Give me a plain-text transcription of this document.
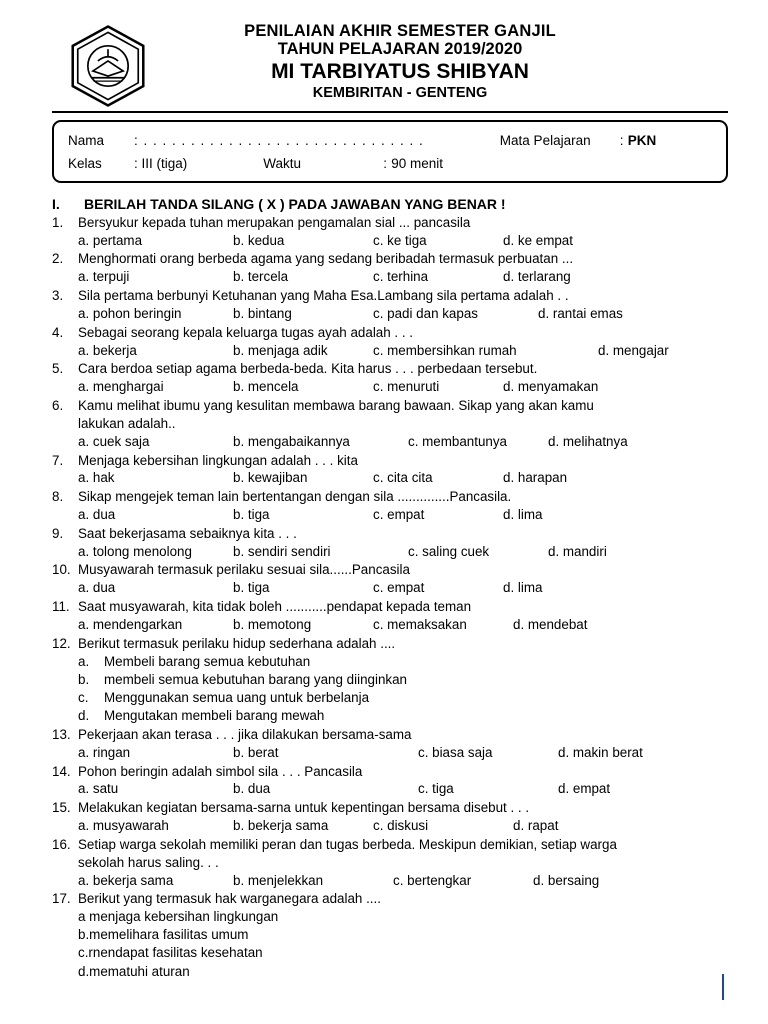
PENILAIAN AKHIR SEMESTER GANJIL
TAHUN PELAJARAN 2019/2020
MI TARBIYATUS SHIBYAN
KEMBIRITAN - GENTENG
Nama	: . . . . . . . . . . . . . . . . . . . . . . . . . . . . . .	Mata Pelajaran	: PKN
Kelas	: III (tiga)	Waktu	: 90 menit
I.	BERILAH TANDA SILANG ( X ) PADA JAWABAN YANG BENAR !
1.	Bersyukur kepada tuhan merupakan pengamalan sial ... pancasila
a. pertama	b. kedua	c. ke tiga	d. ke empat
2.	Menghormati orang berbeda agama yang sedang beribadah termasuk perbuatan ...
a. terpuji	b. tercela	c. terhina	d. terlarang
3.	Sila pertama berbunyi Ketuhanan yang Maha Esa.Lambang sila pertama adalah . .
a. pohon beringin	b. bintang	c. padi dan kapas	d. rantai emas
4.	Sebagai seorang kepala keluarga tugas ayah adalah . . .
a. bekerja	b. menjaga adik	c. membersihkan rumah	d. mengajar
5.	Cara berdoa setiap agama berbeda-beda. Kita harus . . . perbedaan tersebut.
a. menghargai	b. mencela	c. menuruti	d. menyamakan
6.	Kamu melihat ibumu yang kesulitan membawa barang bawaan. Sikap yang akan kamu
lakukan adalah..
a. cuek saja	b. mengabaikannya	c. membantunya	d. melihatnya
7.	Menjaga kebersihan lingkungan adalah . . . kita
a. hak	b. kewajiban	c. cita cita	d. harapan
8.	Sikap mengejek teman lain bertentangan dengan sila ..............Pancasila.
a. dua	b. tiga	c. empat	d. lima
9.	Saat bekerjasama sebaiknya kita . . .
a. tolong menolong	b. sendiri sendiri	c. saling cuek	d. mandiri
10. Musyawarah termasuk perilaku sesuai sila......Pancasila
a. dua	b. tiga	c. empat	d. lima
11. Saat musyawarah, kita tidak boleh ...........pendapat kepada teman
a. mendengarkan	b. memotong	c. memaksakan	d. mendebat
12. Berikut termasuk perilaku hidup sederhana adalah ....
a.	Membeli barang semua kebutuhan
b.	membeli semua kebutuhan barang yang diinginkan
c.	Menggunakan semua uang untuk berbelanja
d.	Mengutakan membeli barang mewah
13. Pekerjaan akan terasa . . . jika dilakukan bersama-sama
a. ringan	b. berat	c. biasa saja	d. makin berat
14. Pohon beringin adalah simbol sila . . . Pancasila
a. satu	b. dua	c. tiga	d. empat
15. Melakukan kegiatan bersama-sarna untuk kepentingan bersama disebut . . .
a. musyawarah	b. bekerja sama	c. diskusi	d. rapat
16. Setiap warga sekolah memiliki peran dan tugas berbeda. Meskipun demikian, setiap warga
sekolah harus saling. . .
a. bekerja sama	b. menjelekkan	c. bertengkar	d. bersaing
17. Berikut yang termasuk hak warganegara adalah ....
a menjaga kebersihan lingkungan
b.memelihara fasilitas umum
c.rnendapat fasilitas kesehatan
d.mematuhi aturan
